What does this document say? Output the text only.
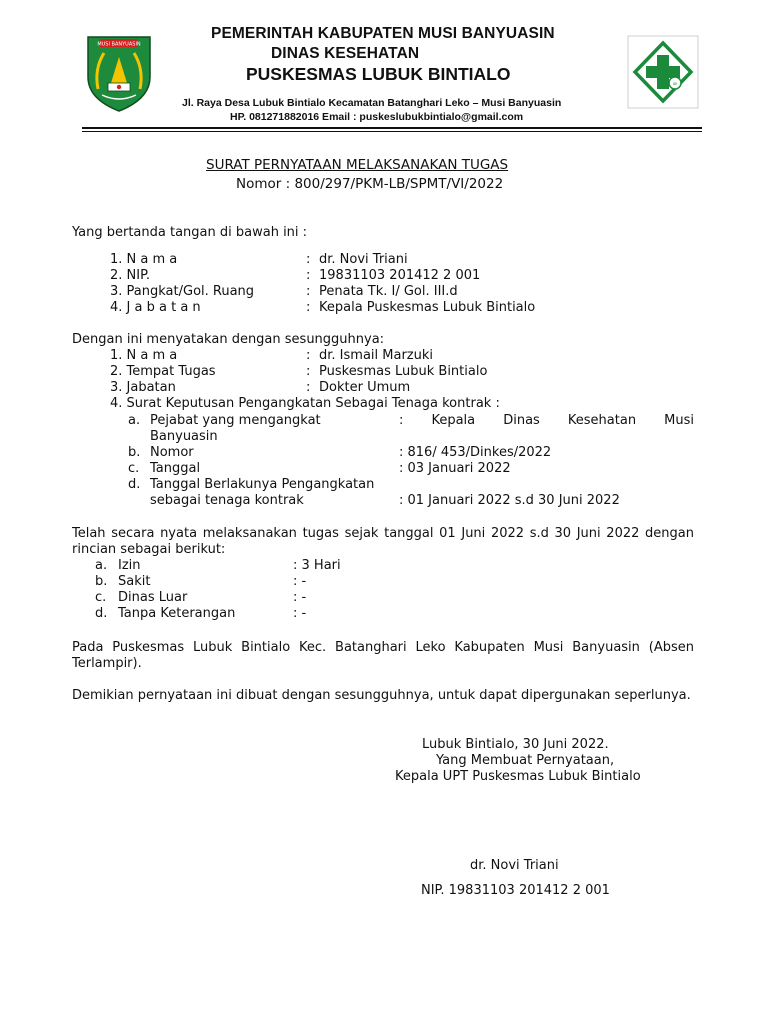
MUSI BANYUASIN
∞
PEMERINTAH KABUPATEN MUSI BANYUASIN
DINAS KESEHATAN
PUSKESMAS LUBUK BINTIALO
Jl. Raya Desa Lubuk Bintialo Kecamatan Batanghari Leko – Musi Banyuasin
HP. 081271882016 Email : puskeslubukbintialo@gmail.com
SURAT PERNYATAAN MELAKSANAKAN TUGAS
Nomor : 800/297/PKM-LB/SPMT/VI/2022
Yang bertanda tangan di bawah ini :
1. N a m a	: dr. Novi Triani
2. NIP.	: 19831103 201412 2 001
3. Pangkat/Gol. Ruang	: Penata Tk. I/ Gol. III.d
4. J a b a t a n	: Kepala Puskesmas Lubuk Bintialo
Dengan ini menyatakan dengan sesungguhnya:
1. N a m a	: dr. Ismail Marzuki
2. Tempat Tugas	: Puskesmas Lubuk Bintialo
3. Jabatan	: Dokter Umum
4. Surat Keputusan Pengangkatan Sebagai Tenaga kontrak :
a. Pejabat yang mengangkat	: Kepala Dinas Kesehatan Musi
Banyuasin
b. Nomor	: 816/ 453/Dinkes/2022
c. Tanggal	: 03 Januari 2022
d. Tanggal Berlakunya Pengangkatan
sebagai tenaga kontrak	: 01 Januari 2022 s.d 30 Juni 2022
Telah secara nyata melaksanakan tugas sejak tanggal 01 Juni 2022 s.d 30 Juni 2022 dengan rincian sebagai berikut:
a. Izin	: 3 Hari
b. Sakit	: -
c. Dinas Luar	: -
d. Tanpa Keterangan	: -
Pada Puskesmas Lubuk Bintialo Kec. Batanghari Leko Kabupaten Musi Banyuasin (Absen Terlampir).
Demikian pernyataan ini dibuat dengan sesungguhnya, untuk dapat dipergunakan seperlunya.
Lubuk Bintialo, 30 Juni 2022.
Yang Membuat Pernyataan,
Kepala UPT Puskesmas Lubuk Bintialo
dr. Novi Triani
NIP. 19831103 201412 2 001
